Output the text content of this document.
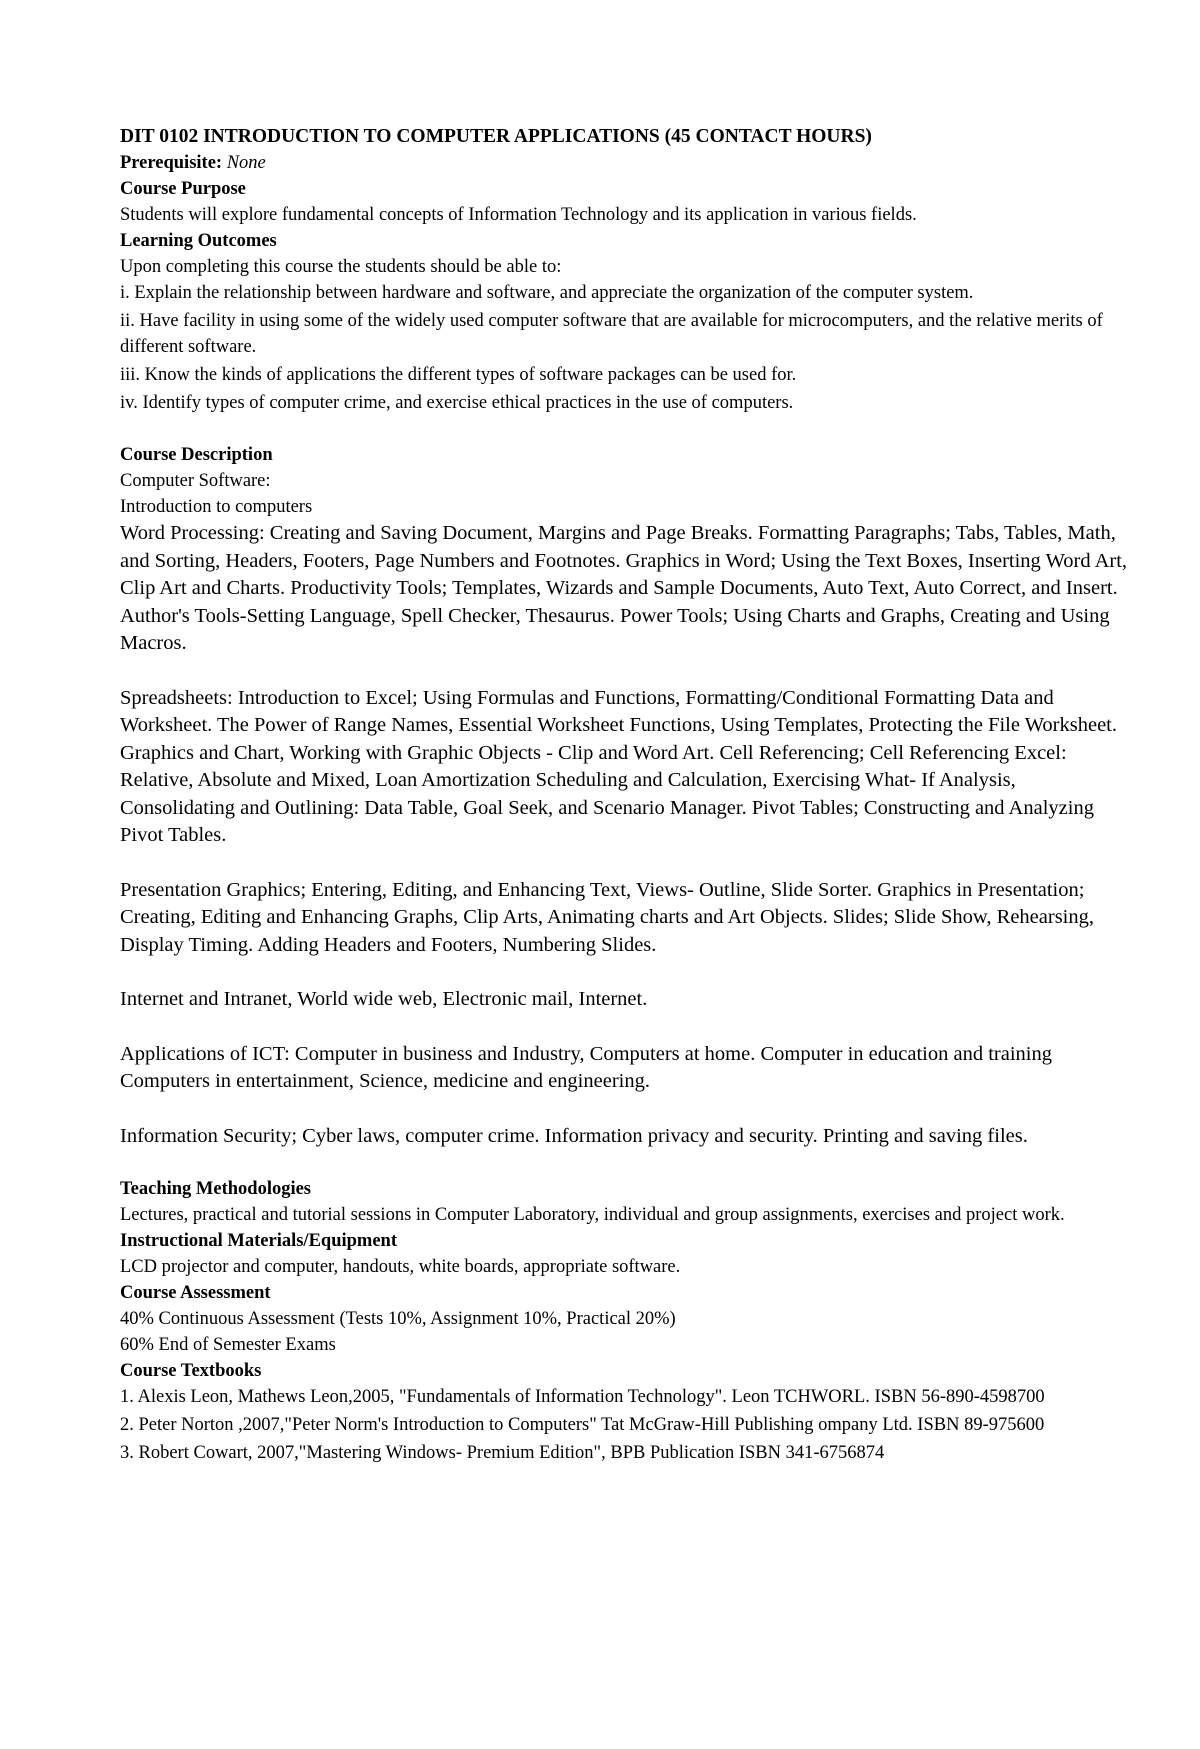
DIT 0102 INTRODUCTION TO COMPUTER APPLICATIONS (45 CONTACT HOURS)

Prerequisite: None

Course Purpose

Students will explore fundamental concepts of Information Technology and its application in various fields.

Learning Outcomes

Upon completing this course the students should be able to:

i. Explain the relationship between hardware and software, and appreciate the organization of the computer system.

ii. Have facility in using some of the widely used computer software that are available for microcomputers, and the relative merits of different software.

iii. Know the kinds of applications the different types of software packages can be used for.

iv. Identify types of computer crime, and exercise ethical practices in the use of computers.

Course Description

Computer Software:

Introduction to computers

Word Processing: Creating and Saving Document, Margins and Page Breaks. Formatting Paragraphs; Tabs, Tables, Math, and Sorting, Headers, Footers, Page Numbers and Footnotes. Graphics in Word; Using the Text Boxes, Inserting Word Art, Clip Art and Charts. Productivity Tools; Templates, Wizards and Sample Documents, Auto Text, Auto Correct, and Insert. Author's Tools-Setting Language, Spell Checker, Thesaurus. Power Tools; Using Charts and Graphs, Creating and Using Macros.

Spreadsheets: Introduction to Excel; Using Formulas and Functions, Formatting/Conditional Formatting Data and Worksheet. The Power of Range Names, Essential Worksheet Functions, Using Templates, Protecting the File Worksheet. Graphics and Chart, Working with Graphic Objects - Clip and Word Art. Cell Referencing; Cell Referencing Excel: Relative, Absolute and Mixed, Loan Amortization Scheduling and Calculation, Exercising What- If Analysis, Consolidating and Outlining: Data Table, Goal Seek, and Scenario Manager. Pivot Tables; Constructing and Analyzing Pivot Tables.

Presentation Graphics; Entering, Editing, and Enhancing Text, Views- Outline, Slide Sorter. Graphics in Presentation; Creating, Editing and Enhancing Graphs, Clip Arts, Animating charts and Art Objects. Slides; Slide Show, Rehearsing, Display Timing. Adding Headers and Footers, Numbering Slides.

Internet and Intranet, World wide web, Electronic mail, Internet.

Applications of ICT: Computer in business and Industry, Computers at home. Computer in education and training Computers in entertainment, Science, medicine and engineering.

Information Security; Cyber laws, computer crime. Information privacy and security. Printing and saving files.

Teaching Methodologies

Lectures, practical and tutorial sessions in Computer Laboratory, individual and group assignments, exercises and project work.

Instructional Materials/Equipment

LCD projector and computer, handouts, white boards, appropriate software.

Course Assessment

40% Continuous Assessment (Tests 10%, Assignment 10%, Practical 20%)

60% End of Semester Exams

Course Textbooks

1. Alexis Leon, Mathews Leon,2005, "Fundamentals of Information Technology". Leon TCHWORL. ISBN 56-890-4598700

2. Peter Norton ,2007,"Peter Norm's Introduction to Computers" Tat McGraw-Hill Publishing ompany Ltd. ISBN 89-975600

3. Robert Cowart, 2007,"Mastering Windows- Premium Edition", BPB Publication ISBN 341-6756874
